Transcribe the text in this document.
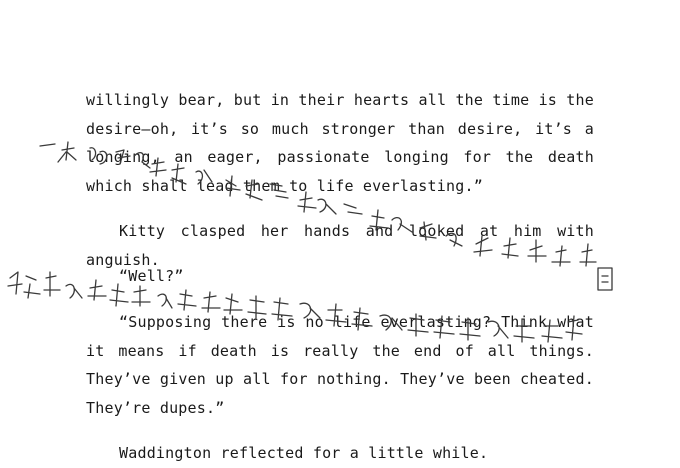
willingly bear, but in their hearts all the time is the desire—oh, it’s so much stronger than desire, it’s a longing, an eager, passionate longing for the death which shall lead them to life everlasting.”

Kitty clasped her hands and looked at him with anguish.

“Well?”

“Supposing there is no life everlasting? Think what it means if death is really the end of all things. They’ve given up all for nothing. They’ve been cheated. They’re dupes.”

Waddington reflected for a little while.
